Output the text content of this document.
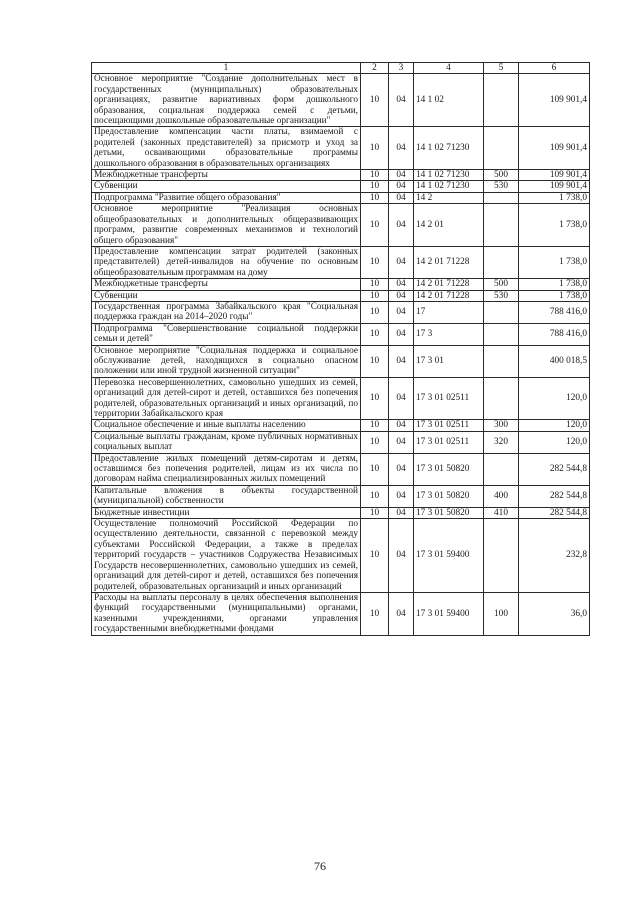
1	2	3	4	5	6
Основное мероприятие "Создание дополнительных мест в государственных (муниципальных) образовательных организациях, развитие вариативных форм дошкольного образования, социальная поддержка семей с детьми, посещающими дошкольные образовательные организации"	10	04	14 1 02		109 901,4
Предоставление компенсации части платы, взимаемой с родителей (законных представителей) за присмотр и уход за детьми, осваивающими образовательные программы дошкольного образования в образовательных организациях	10	04	14 1 02 71230		109 901,4
Межбюджетные трансферты	10	04	14 1 02 71230	500	109 901,4
Субвенции	10	04	14 1 02 71230	530	109 901,4
Подпрограмма "Развитие общего образования"	10	04	14 2		1 738,0
Основное мероприятие "Реализация основных общеобразовательных и дополнительных общеразвивающих программ, развитие современных механизмов и технологий общего образования"	10	04	14 2 01		1 738,0
Предоставление компенсации затрат родителей (законных представителей) детей-инвалидов на обучение по основным общеобразовательным программам на дому	10	04	14 2 01 71228		1 738,0
Межбюджетные трансферты	10	04	14 2 01 71228	500	1 738,0
Субвенции	10	04	14 2 01 71228	530	1 738,0
Государственная программа Забайкальского края "Социальная поддержка граждан на 2014–2020 годы"	10	04	17		788 416,0
Подпрограмма "Совершенствование социальной поддержки семьи и детей"	10	04	17 3		788 416,0
Основное мероприятие "Социальная поддержка и социальное обслуживание детей, находящихся в социально опасном положении или иной трудной жизненной ситуации"	10	04	17 3 01		400 018,5
Перевозка несовершеннолетних, самовольно ушедших из семей, организаций для детей-сирот и детей, оставшихся без попечения родителей, образовательных организаций и иных организаций, по территории Забайкальского края	10	04	17 3 01 02511		120,0
Социальное обеспечение и иные выплаты населению	10	04	17 3 01 02511	300	120,0
Социальные выплаты гражданам, кроме публичных нормативных социальных выплат	10	04	17 3 01 02511	320	120,0
Предоставление жилых помещений детям-сиротам и детям, оставшимся без попечения родителей, лицам из их числа по договорам найма специализированных жилых помещений	10	04	17 3 01 50820		282 544,8
Капитальные вложения в объекты государственной (муниципальной) собственности	10	04	17 3 01 50820	400	282 544,8
Бюджетные инвестиции	10	04	17 3 01 50820	410	282 544,8
Осуществление полномочий Российской Федерации по осуществлению деятельности, связанной с перевозкой между субъектами Российской Федерации, а также в пределах территорий государств – участников Содружества Независимых Государств несовершеннолетних, самовольно ушедших из семей, организаций для детей-сирот и детей, оставшихся без попечения родителей, образовательных организаций и иных организаций	10	04	17 3 01 59400		232,8
Расходы на выплаты персоналу в целях обеспечения выполнения функций государственными (муниципальными) органами, казенными учреждениями, органами управления государственными внебюджетными фондами	10	04	17 3 01 59400	100	36,0
76
